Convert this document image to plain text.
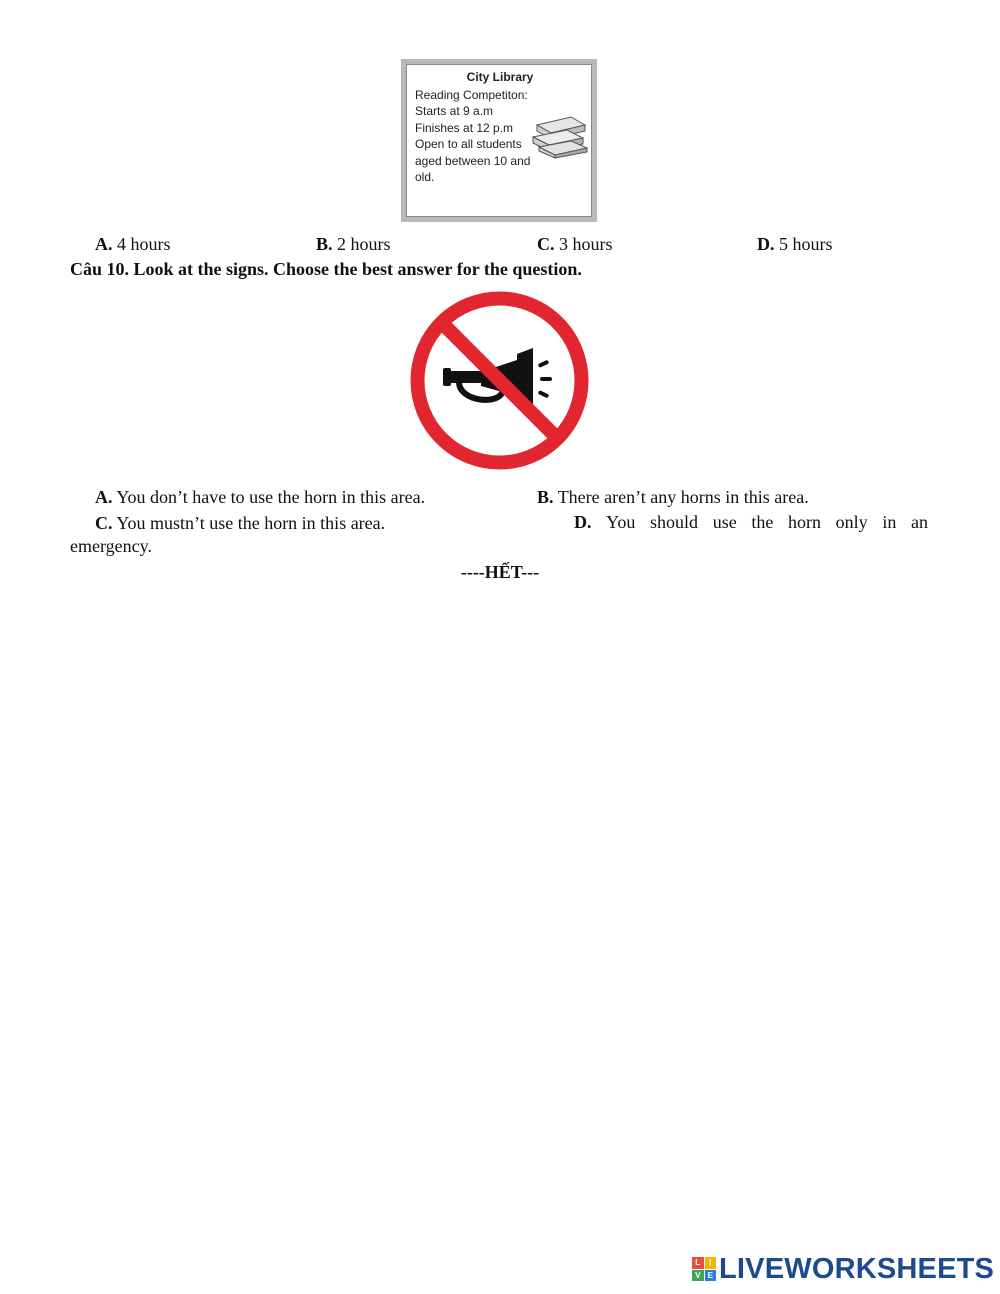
City Library
Reading Competiton:
Starts at 9 a.m
Finishes at 12 p.m
Open to all students
aged between 10 and
old.
A. 4 hours	B. 2 hours	C. 3 hours	D. 5 hours
Câu 10. Look at the signs. Choose the best answer for the question.
A. You don’t have to use the horn in this area.	B. There aren’t any horns in this area.
C. You mustn’t use the horn in this area.	D. You should use the horn only in an
emergency.
----HẾT---
L	I
V E LIVEWORKSHEETS
